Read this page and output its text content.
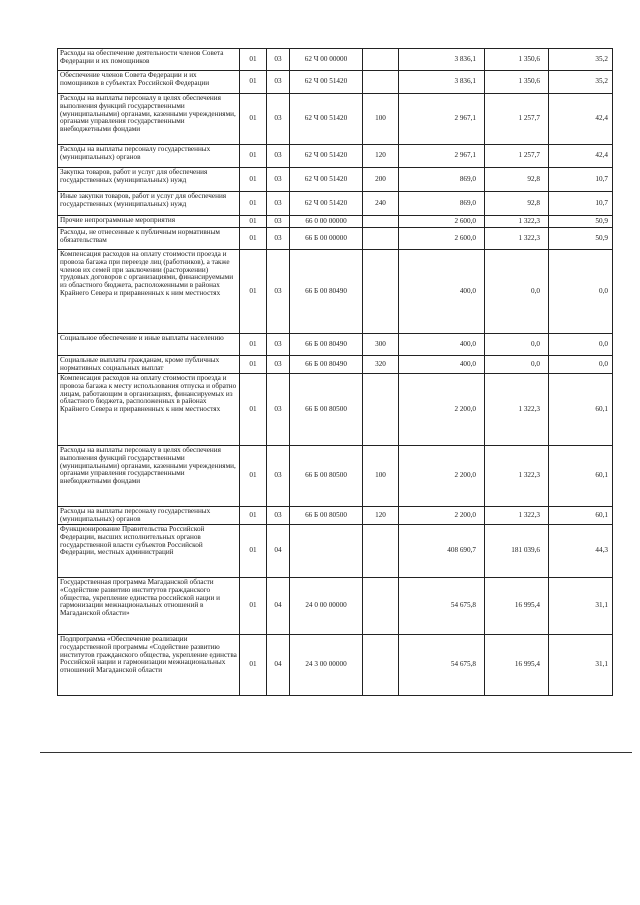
Расходы на обеспечение деятельности членов Совета Федерации и их помощников	01	03	62 Ч 00 00000		3 836,1	1 350,6	35,2
Обеспечение членов Совета Федерации и их помощников в субъектах Российской Федерации	01	03	62 Ч 00 51420		3 836,1	1 350,6	35,2
Расходы на выплаты персоналу в целях обеспечения выполнения функций государственными (муниципальными) органами, казенными учреждениями, органами управления государственными внебюджетными фондами	01	03	62 Ч 00 51420	100	2 967,1	1 257,7	42,4
Расходы на выплаты персоналу государственных (муниципальных) органов	01	03	62 Ч 00 51420	120	2 967,1	1 257,7	42,4
Закупка товаров, работ и услуг для обеспечения государственных (муниципальных) нужд	01	03	62 Ч 00 51420	200	869,0	92,8	10,7
Иные закупки товаров, работ и услуг для обеспечения государственных (муниципальных) нужд	01	03	62 Ч 00 51420	240	869,0	92,8	10,7
Прочие непрограммные мероприятия	01	03	66 0 00 00000		2 600,0	1 322,3	50,9
Расходы, не отнесенные к публичным нормативным обязательствам	01	03	66 Б 00 00000		2 600,0	1 322,3	50,9
Компенсация расходов на оплату стоимости проезда и провоза багажа при переезде лиц (работников), а также членов их семей при заключении (расторжении) трудовых договоров с организациями, финансируемыми из областного бюджета, расположенными в районах Крайнего Севера и приравненных к ним местностях	01	03	66 Б 00 80490		400,0	0,0	0,0
Социальное обеспечение и иные выплаты населению	01	03	66 Б 00 80490	300	400,0	0,0	0,0
Социальные выплаты гражданам, кроме публичных нормативных социальных выплат	01	03	66 Б 00 80490	320	400,0	0,0	0,0
Компенсация расходов на оплату стоимости проезда и провоза багажа к месту использования отпуска и обратно лицам, работающим в организациях, финансируемых из областного бюджета, расположенных в районах Крайнего Севера и приравненных к ним местностях	01	03	66 Б 00 80500		2 200,0	1 322,3	60,1
Расходы на выплаты персоналу в целях обеспечения выполнения функций государственными (муниципальными) органами, казенными учреждениями, органами управления государственными внебюджетными фондами	01	03	66 Б 00 80500	100	2 200,0	1 322,3	60,1
Расходы на выплаты персоналу государственных (муниципальных) органов	01	03	66 Б 00 80500	120	2 200,0	1 322,3	60,1
Функционирование Правительства Российской Федерации, высших исполнительных органов государственной власти субъектов Российской Федерации, местных администраций	01	04			408 690,7	181 039,6	44,3
Государственная программа Магаданской области «Содействие развитию институтов гражданского общества, укрепление единства российской нации и гармонизации межнациональных отношений в Магаданской области»	01	04	24 0 00 00000		54 675,8	16 995,4	31,1
Подпрограмма «Обеспечение реализации государственной программы «Содействие развитию институтов гражданского общества, укрепление единства Российской нации и гармонизации межнациональных отношений Магаданской области	01	04	24 3 00 00000		54 675,8	16 995,4	31,1
